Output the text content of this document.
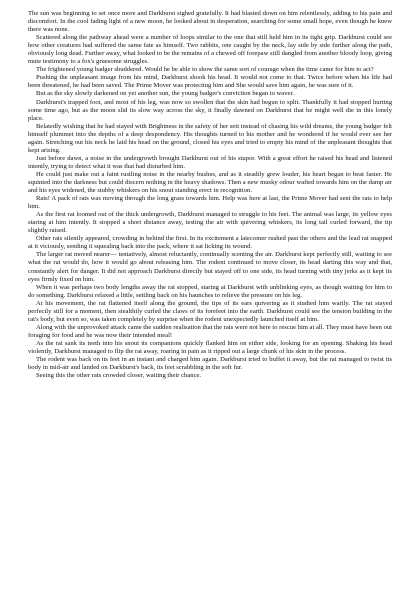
The sun was beginning to set once more and Darkburst sighed gratefully. It had blasted down on him relentlessly, adding to his pain and discomfort. In the cool fading light of a new moon, he looked about in desperation, searching for some small hope, even though he knew there was none.

Scattered along the pathway ahead were a number of loops similar to the one that still held him in its tight grip. Darkburst could see how other creatures had suffered the same fate as himself. Two rabbits, one caught by the neck, lay side by side further along the path, obviously long dead. Further away, what looked to be the remains of a chewed off forepaw still dangled from another bloody loop, giving mute testimony to a fox's gruesome struggles.

The frightened young badger shuddered. Would he be able to show the same sort of courage when the time came for him to act?

Pushing the unpleasant image from his mind, Darkburst shook his head. It would not come to that. Twice before when his life had been threatened, he had been saved. The Prime Mover was protecting him and She would save him again, he was sure of it.

But as the sky slowly darkened on yet another sun, the young badger's conviction began to waver.

Darkburst's trapped foot, and most of his leg, was now so swollen that the skin had begun to split. Thankfully it had stopped hurting some time ago, but as the moon slid its slow way across the sky, it finally dawned on Darkburst that he might well die in this lonely place.

Belatedly wishing that he had stayed with Brightness in the safety of her sett instead of chasing his wild dreams, the young badger felt himself plummet into the depths of a deep despondency. His thoughts turned to his mother and he wondered if he would ever see her again. Stretching out his neck he laid his head on the ground, closed his eyes and tried to empty his mind of the unpleasant thoughts that kept arising.

Just before dawn, a noise in the undergrowth brought Darkburst out of his stupor. With a great effort he raised his head and listened intently, trying to detect what it was that had disturbed him.

He could just make out a faint rustling noise in the nearby bushes, and as it steadily grew louder, his heart began to beat faster. He squinted into the darkness but could discern nothing in the heavy shadows. Then a new musky odour wafted towards him on the damp air and his eyes widened, the stubby whiskers on his snout standing erect in recognition.

Rats! A pack of rats was moving through the long grass towards him. Help was here at last, the Prime Mover had sent the rats to help him.

As the first rat loomed out of the thick undergrowth, Darkburst managed to struggle to his feet. The animal was large, its yellow eyes staring at him intently. It stopped a short distance away, testing the air with quivering whiskers, its long tail curled forward, the tip slightly raised.

Other rats silently appeared, crowding in behind the first. In its excitement a latecomer rushed past the others and the lead rat snapped at it viciously, sending it squealing back into the pack, where it sat licking its wound.

The larger rat moved nearer— tentatively, almost reluctantly, continually scenting the air. Darkburst kept perfectly still, waiting to see what the rat would do, how it would go about releasing him. The rodent continued to move closer, its head darting this way and that, constantly alert for danger. It did not approach Darkburst directly but stayed off to one side, its head turning with tiny jerks as it kept its eyes firmly fixed on him.

When it was perhaps two body lengths away the rat stopped, staring at Darkburst with unblinking eyes, as though waiting for him to do something. Darkburst relaxed a little, settling back on his haunches to relieve the pressure on his leg.

At his movement, the rat flattened itself along the ground, the tips of its ears quivering as it studied him warily. The rat stayed perfectly still for a moment, then stealthily curled the claws of its forefeet into the earth. Darkburst could see the tension building in the rat's body, but even so, was taken completely by surprise when the rodent unexpectedly launched itself at him.

Along with the unprovoked attack came the sudden realisation that the rats were not here to rescue him at all. They must have been out foraging for food and he was now their intended meal!

As the rat sank its teeth into his snout its companions quickly flanked him on either side, looking for an opening. Shaking his head violently, Darkburst managed to flip the rat away, roaring in pain as it ripped out a large chunk of his skin in the process.

The rodent was back on its feet in an instant and charged him again. Darkburst tried to buffet it away, but the rat managed to twist its body in mid-air and landed on Darkburst's back, its feet scrabbling in the soft fur.

Seeing this the other rats crowded closer, waiting their chance.
